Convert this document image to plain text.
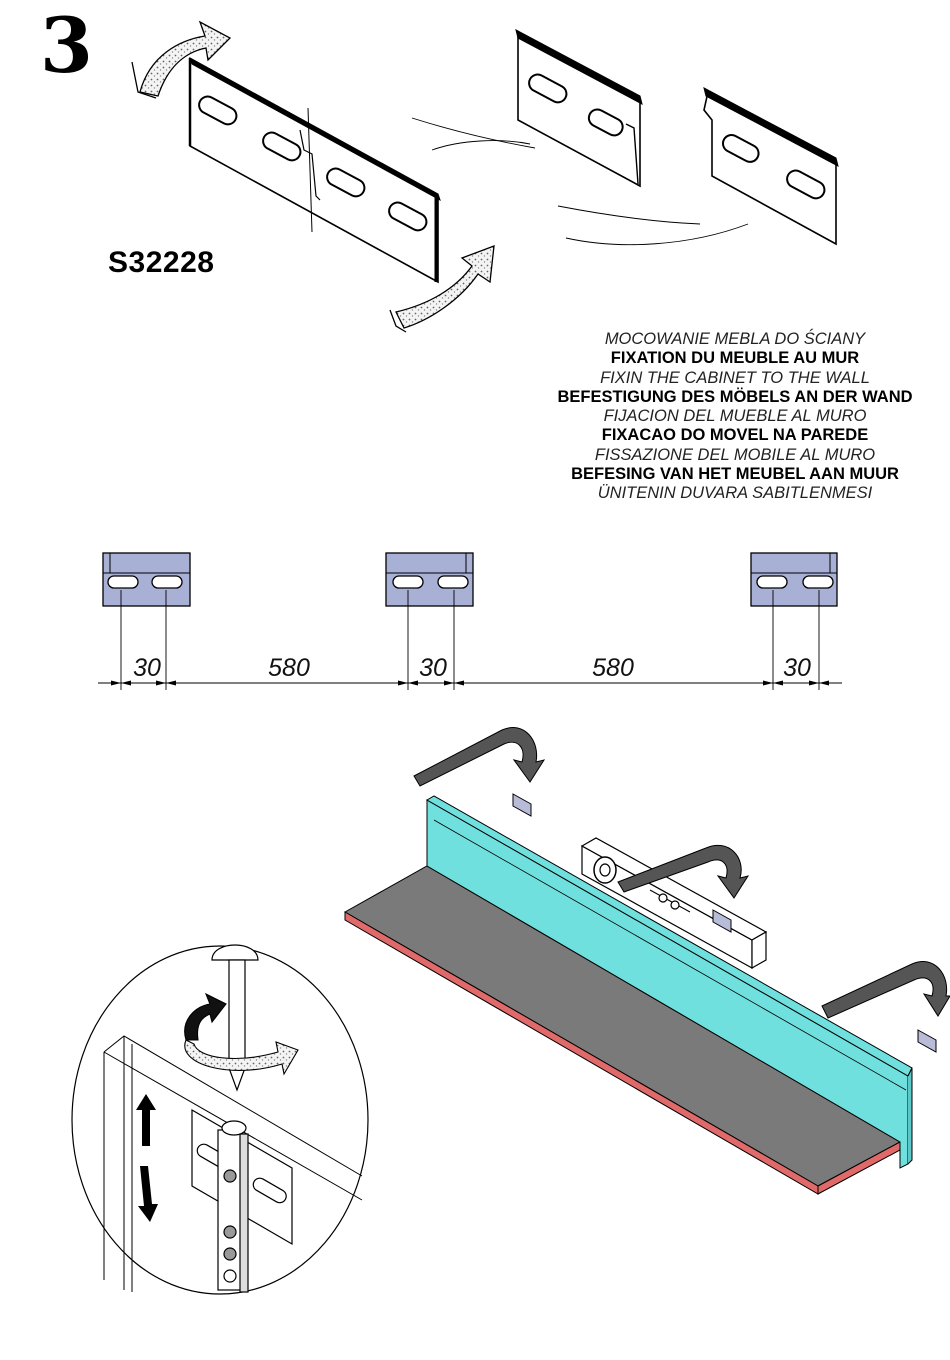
3
S32228
MOCOWANIE MEBLA DO ŚCIANY
FIXATION DU MEUBLE AU MUR
FIXIN THE CABINET TO THE WALL
BEFESTIGUNG DES MÖBELS AN DER WAND
FIJACION DEL MUEBLE AL MURO
FIXACAO DO MOVEL NA PAREDE
FISSAZIONE DEL MOBILE AL MURO
BEFESING VAN HET MEUBEL AAN MUUR
ÜNITENIN DUVARA SABITLENMESI
30	580	30	580	30
